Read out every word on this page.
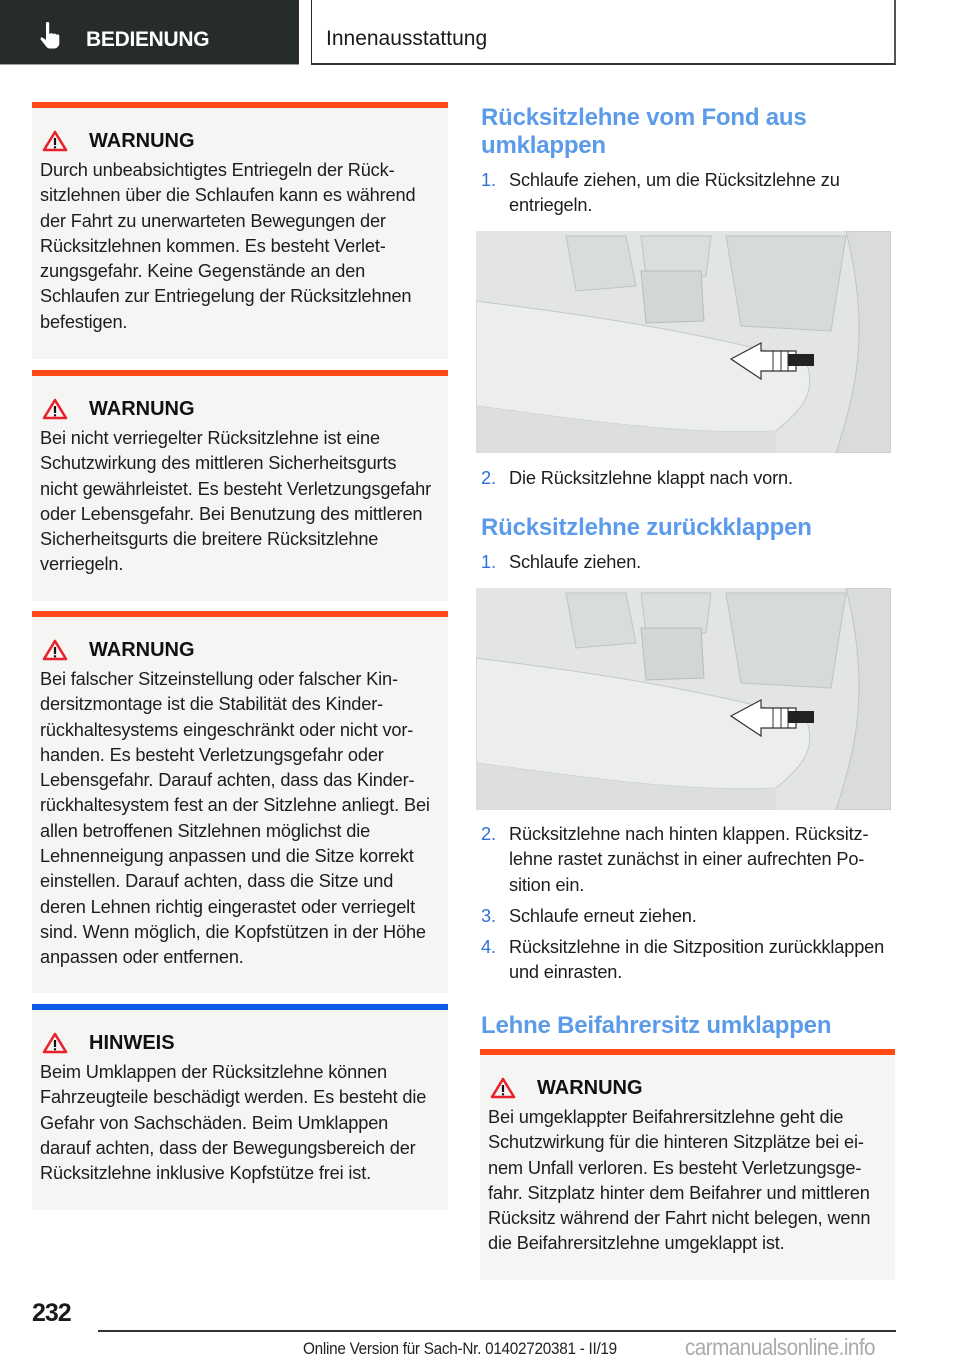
BEDIENUNG	Innenausstattung
WARNUNG
Durch unbeabsichtigtes Entriegeln der Rücksitzlehnen über die Schlaufen kann es während der Fahrt zu unerwarteten Bewegungen der Rücksitzlehnen kommen. Es besteht Verletzungsgefahr. Keine Gegenstände an den Schlaufen zur Entriegelung der Rücksitzlehnen befestigen.
WARNUNG
Bei nicht verriegelter Rücksitzlehne ist eine Schutzwirkung des mittleren Sicherheitsgurts nicht gewährleistet. Es besteht Verletzungsgefahr oder Lebensgefahr. Bei Benutzung des mittleren Sicherheitsgurts die breitere Rücksitzlehne verriegeln.
WARNUNG
Bei falscher Sitzeinstellung oder falscher Kindersitzmontage ist die Stabilität des Kinderrückhaltesystems eingeschränkt oder nicht vorhanden. Es besteht Verletzungsgefahr oder Lebensgefahr. Darauf achten, dass das Kinderrückhaltesystem fest an der Sitzlehne anliegt. Bei allen betroffenen Sitzlehnen möglichst die Lehnenneigung anpassen und die Sitze korrekt einstellen. Darauf achten, dass die Sitze und deren Lehnen richtig eingerastet oder verriegelt sind. Wenn möglich, die Kopfstützen in der Höhe anpassen oder entfernen.
HINWEIS
Beim Umklappen der Rücksitzlehne können Fahrzeugteile beschädigt werden. Es besteht die Gefahr von Sachschäden. Beim Umklappen darauf achten, dass der Bewegungsbereich der Rücksitzlehne inklusive Kopfstütze frei ist.
Rücksitzlehne vom Fond aus umklappen
1. Schlaufe ziehen, um die Rücksitzlehne zu entriegeln.
2. Die Rücksitzlehne klappt nach vorn.
Rücksitzlehne zurückklappen
1. Schlaufe ziehen.
2. Rücksitzlehne nach hinten klappen. Rücksitzlehne rastet zunächst in einer aufrechten Position ein.
3. Schlaufe erneut ziehen.
4. Rücksitzlehne in die Sitzposition zurückklappen und einrasten.
Lehne Beifahrersitz umklappen
WARNUNG
Bei umgeklappter Beifahrersitzlehne geht die Schutzwirkung für die hinteren Sitzplätze bei einem Unfall verloren. Es besteht Verletzungsgefahr. Sitzplatz hinter dem Beifahrer und mittleren Rücksitz während der Fahrt nicht belegen, wenn die Beifahrersitzlehne umgeklappt ist.
232
Online Version für Sach-Nr. 01402720381 - II/19	carmanualsonline.info
